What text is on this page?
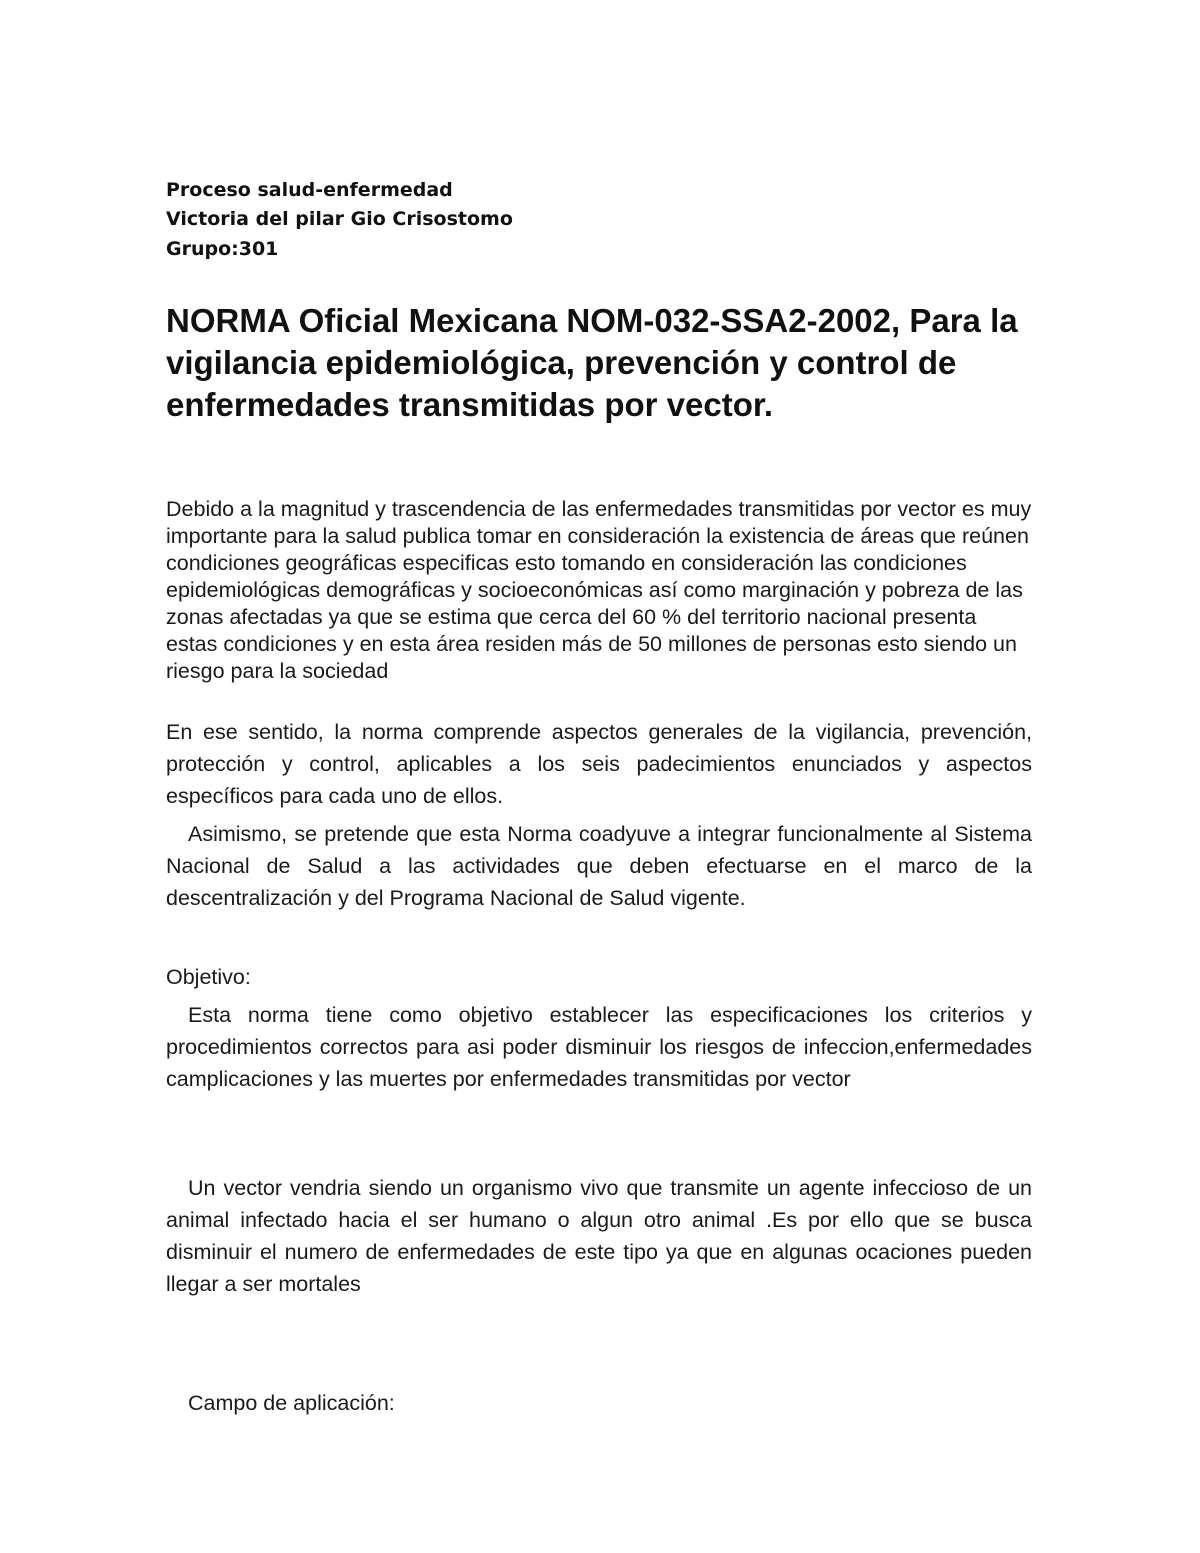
Proceso salud-enfermedad
Victoria del pilar Gio Crisostomo
Grupo:301
NORMA Oficial Mexicana NOM-032-SSA2-2002, Para la vigilancia epidemiológica, prevención y control de enfermedades transmitidas por vector.

Debido a la magnitud y trascendencia de las enfermedades transmitidas por vector es muy importante para la salud publica tomar en consideración la existencia de áreas que reúnen condiciones geográficas especificas esto tomando en consideración las condiciones epidemiológicas demográficas y socioeconómicas así como marginación y pobreza de las zonas afectadas ya que se estima que cerca del 60 % del territorio nacional presenta estas condiciones y en esta área residen más de 50 millones de personas esto siendo un riesgo para la sociedad

En ese sentido, la norma comprende aspectos generales de la vigilancia, prevención, protección y control, aplicables a los seis padecimientos enunciados y aspectos específicos para cada uno de ellos.

Asimismo, se pretende que esta Norma coadyuve a integrar funcionalmente al Sistema Nacional de Salud a las actividades que deben efectuarse en el marco de la descentralización y del Programa Nacional de Salud vigente.

Objetivo:

Esta norma tiene como objetivo establecer las especificaciones los criterios y procedimientos correctos para asi poder disminuir los riesgos de infeccion,enfermedades camplicaciones y las muertes por enfermedades transmitidas por vector

Un vector vendria siendo un organismo vivo que transmite un agente infeccioso de un animal infectado hacia el ser humano o algun otro animal .Es por ello que se busca disminuir el numero de enfermedades de este tipo ya que en algunas ocaciones pueden llegar a ser mortales

Campo de aplicación:
